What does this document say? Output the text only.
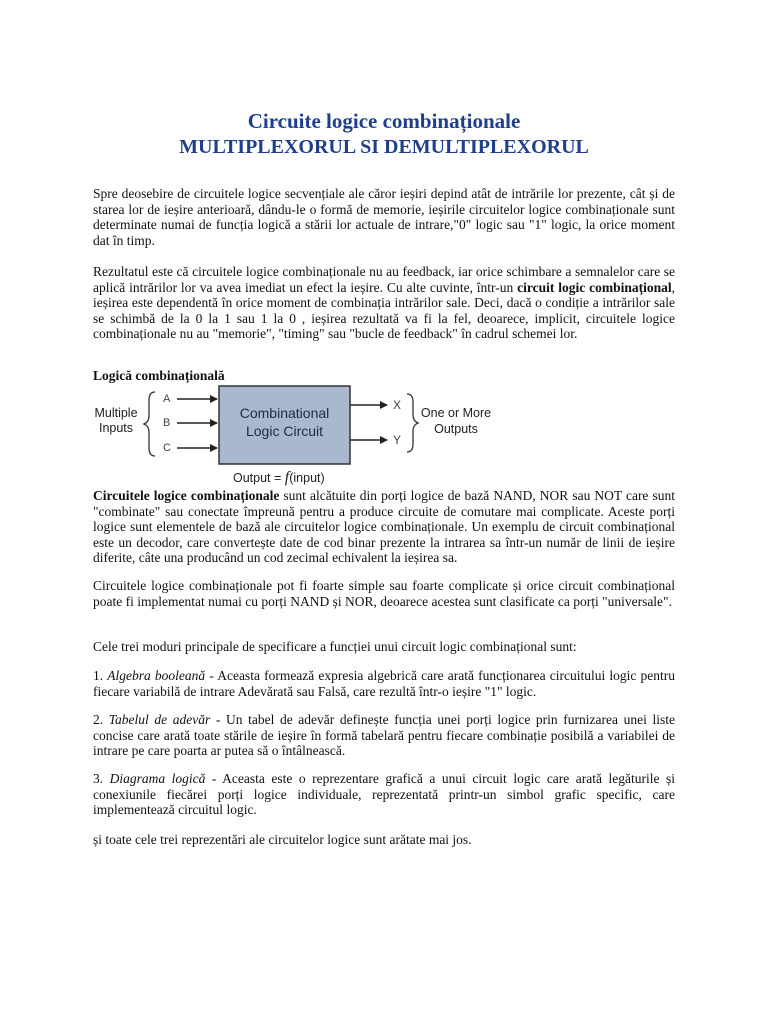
Circuite logice combinaționale
MULTIPLEXORUL SI DEMULTIPLEXORUL

Spre deosebire de circuitele logice secvențiale ale căror ieșiri depind atât de intrările lor prezente, cât și de starea lor de ieșire anterioară, dându-le o formă de memorie, ieșirile circuitelor logice combinaționale sunt determinate numai de funcția logică a stării lor actuale de intrare,"0" logic sau "1" logic, la orice moment dat în timp.

Rezultatul este că circuitele logice combinaționale nu au feedback, iar orice schimbare a semnalelor care se aplică intrărilor lor va avea imediat un efect la ieșire. Cu alte cuvinte, într-un circuit logic combinațional, ieșirea este dependentă în orice moment de combinația intrărilor sale. Deci, dacă o condiție a intrărilor sale se schimbă de la 0 la 1 sau 1 la 0 , ieșirea rezultată va fi la fel, deoarece, implicit, circuitele logice combinaționale nu au "memorie", "timing" sau "bucle de feedback" în cadrul schemei lor.

Logică combinațională

Multiple
Inputs
A
B
C
Combinational
Logic Circuit
X
Y
One or More
Outputs
Output = f(input)

Circuitele logice combinaționale sunt alcătuite din porți logice de bază NAND, NOR sau NOT care sunt "combinate" sau conectate împreună pentru a produce circuite de comutare mai complicate. Aceste porți logice sunt elementele de bază ale circuitelor logice combinaționale. Un exemplu de circuit combinațional este un decodor, care convertește date de cod binar prezente la intrarea sa într-un număr de linii de ieșire diferite, câte una producând un cod zecimal echivalent la ieșirea sa.

Circuitele logice combinaționale pot fi foarte simple sau foarte complicate și orice circuit combinațional poate fi implementat numai cu porți NAND și NOR, deoarece acestea sunt clasificate ca porți "universale".

Cele trei moduri principale de specificare a funcției unui circuit logic combinațional sunt:

1. Algebra booleană - Aceasta formează expresia algebrică care arată funcționarea circuitului logic pentru fiecare variabilă de intrare Adevărată sau Falsă, care rezultă într-o ieșire "1" logic.

2. Tabelul de adevăr - Un tabel de adevăr definește funcția unei porți logice prin furnizarea unei liste concise care arată toate stările de ieșire în formă tabelară pentru fiecare combinație posibilă a variabilei de intrare pe care poarta ar putea să o întâlnească.

3. Diagrama logică - Aceasta este o reprezentare grafică a unui circuit logic care arată legăturile și conexiunile fiecărei porți logice individuale, reprezentată printr-un simbol grafic specific, care implementează circuitul logic.

și toate cele trei reprezentări ale circuitelor logice sunt arătate mai jos.
